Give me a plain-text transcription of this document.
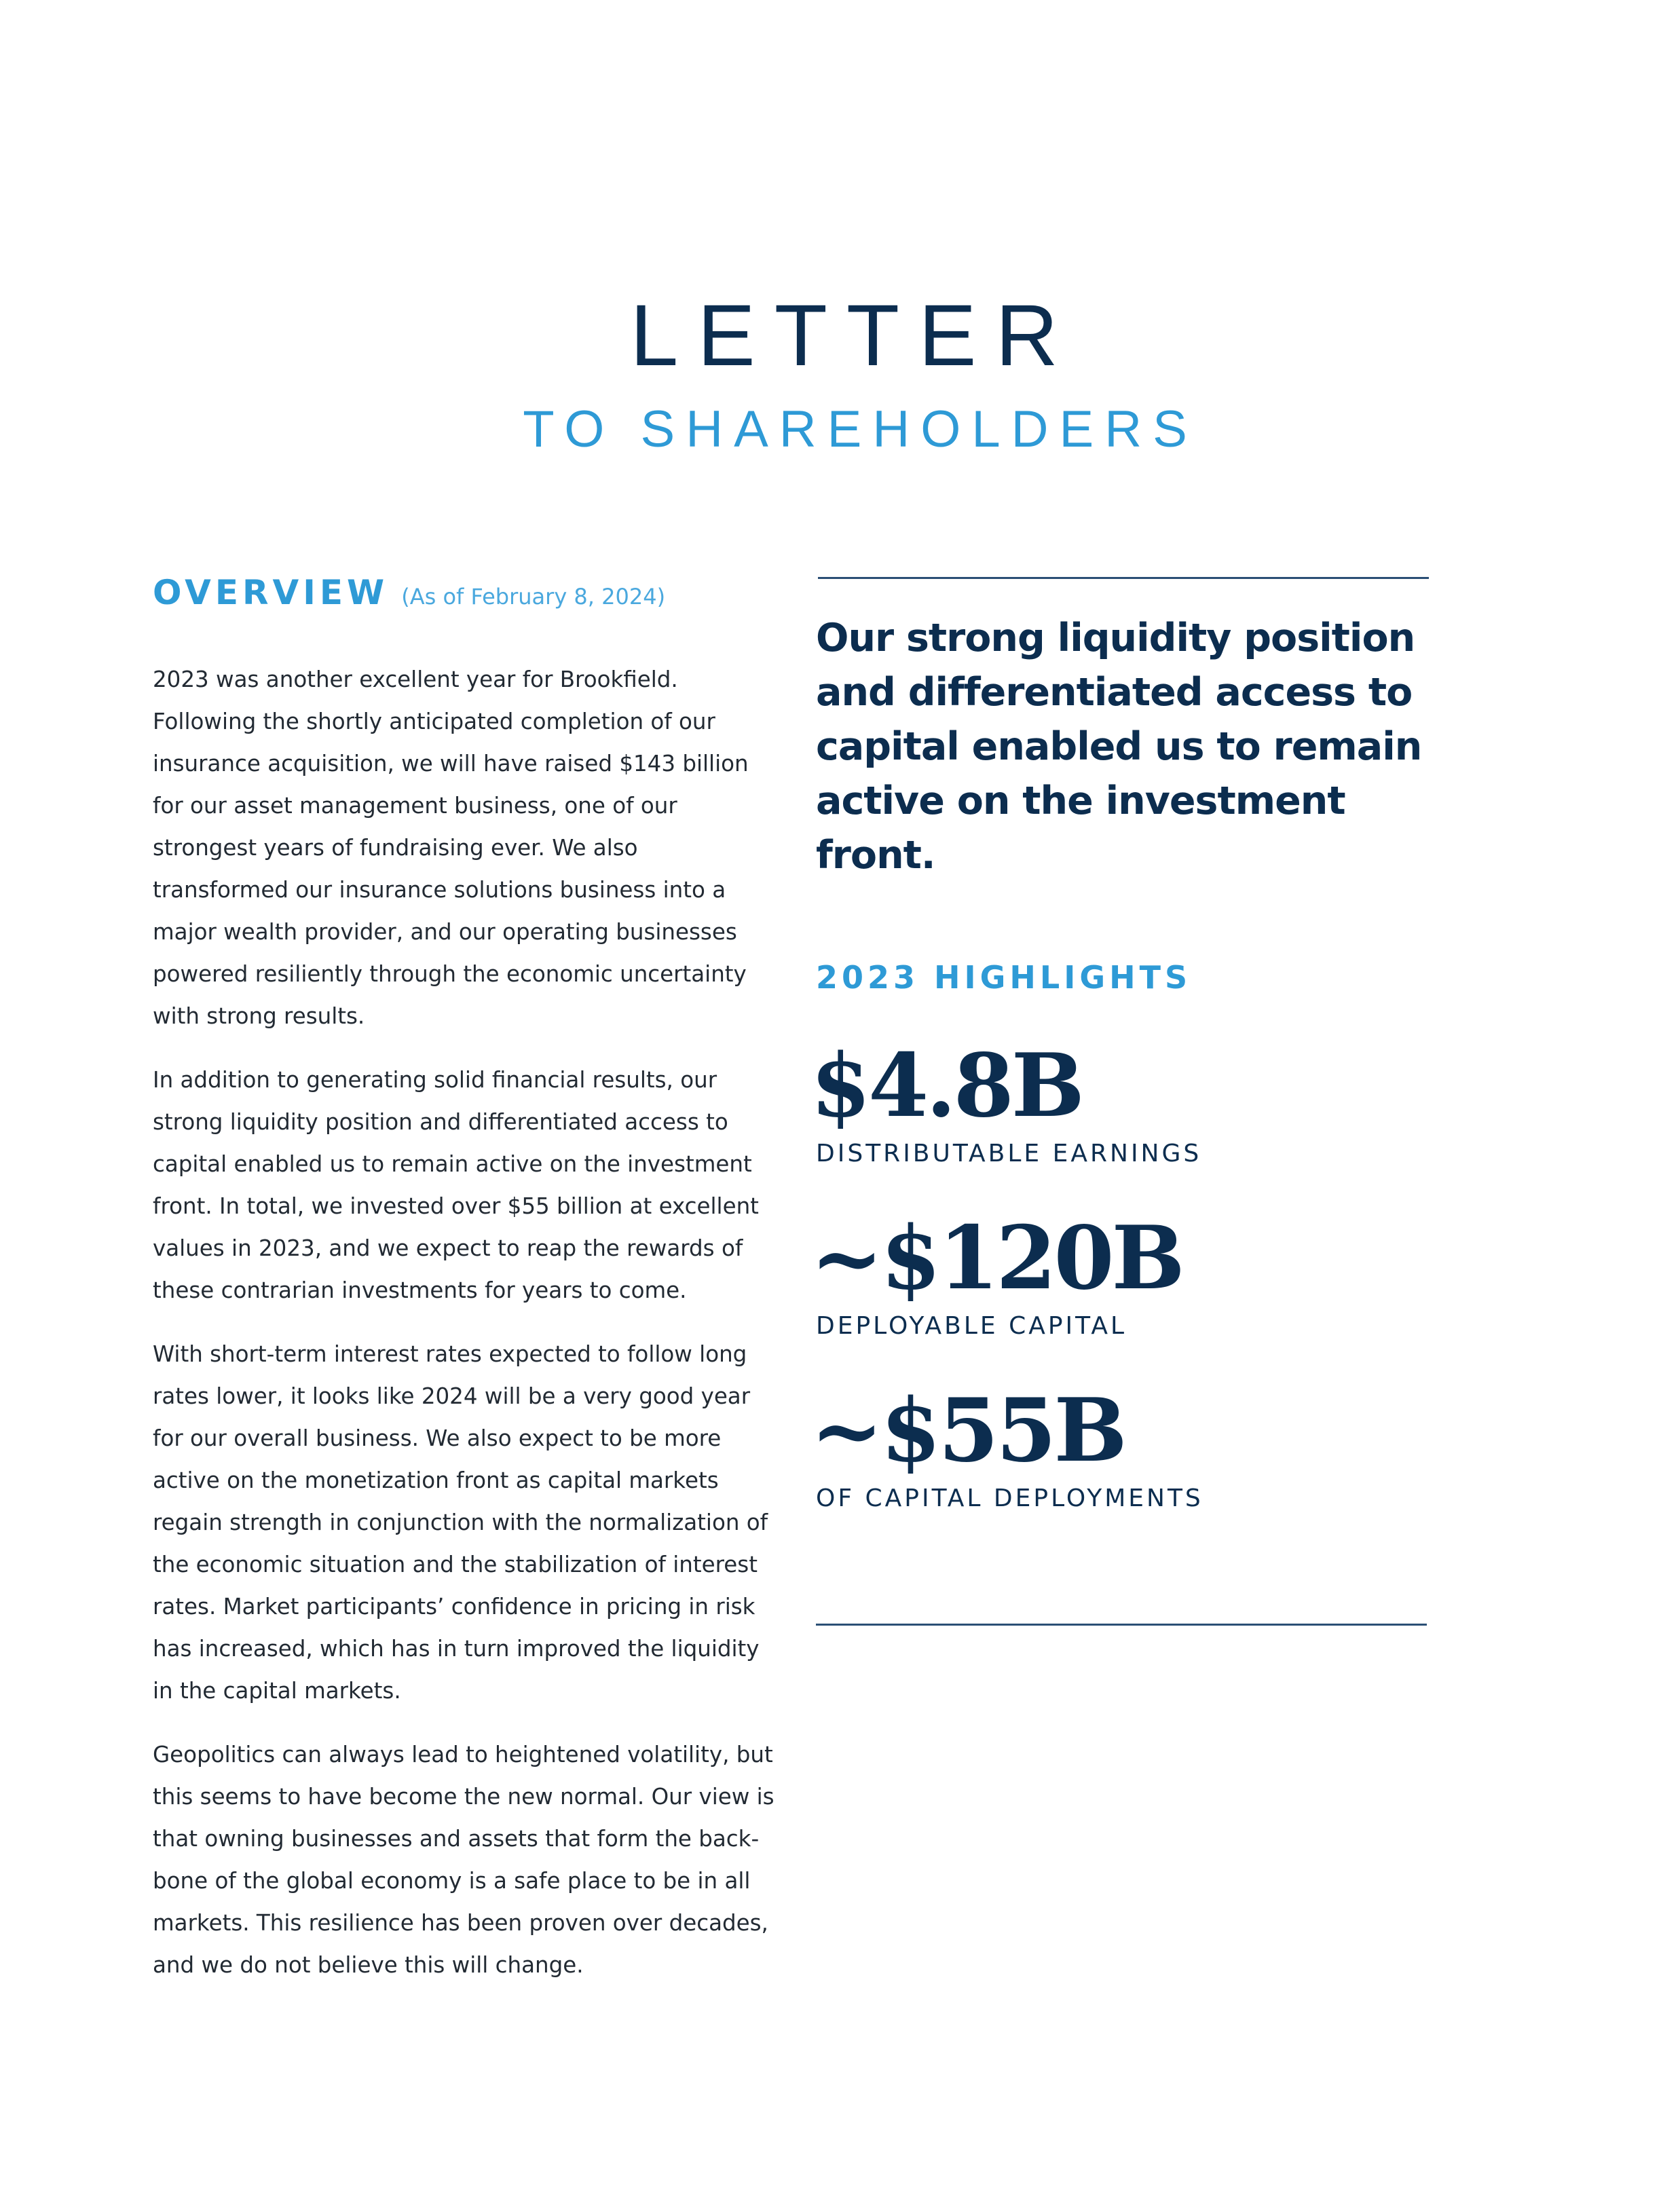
LETTER
TO SHAREHOLDERS
OVERVIEW (As of February 8, 2024)

2023 was another excellent year for Brookfield. Following the shortly anticipated completion of our insurance acquisition, we will have raised $143 billion for our asset management business, one of our strongest years of fundraising ever. We also transformed our insurance solutions business into a major wealth provider, and our operating businesses powered resiliently through the economic uncertainty with strong results.

In addition to generating solid financial results, our strong liquidity position and differentiated access to capital enabled us to remain active on the investment front. In total, we invested over $55 billion at excellent values in 2023, and we expect to reap the rewards of these contrarian investments for years to come.

With short-term interest rates expected to follow long rates lower, it looks like 2024 will be a very good year for our overall business. We also expect to be more active on the monetization front as capital markets regain strength in conjunction with the normalization of the economic situation and the stabilization of interest rates. Market participants’ confidence in pricing in risk has increased, which has in turn improved the liquidity in the capital markets.

Geopolitics can always lead to heightened volatility, but this seems to have become the new normal. Our view is that owning businesses and assets that form the back-bone of the global economy is a safe place to be in all markets. This resilience has been proven over decades, and we do not believe this will change.

Our strong liquidity position and differentiated access to capital enabled us to remain active on the investment front.

2023 HIGHLIGHTS
$4.8B
DISTRIBUTABLE EARNINGS
~$120B
DEPLOYABLE CAPITAL
~$55B
OF CAPITAL DEPLOYMENTS
